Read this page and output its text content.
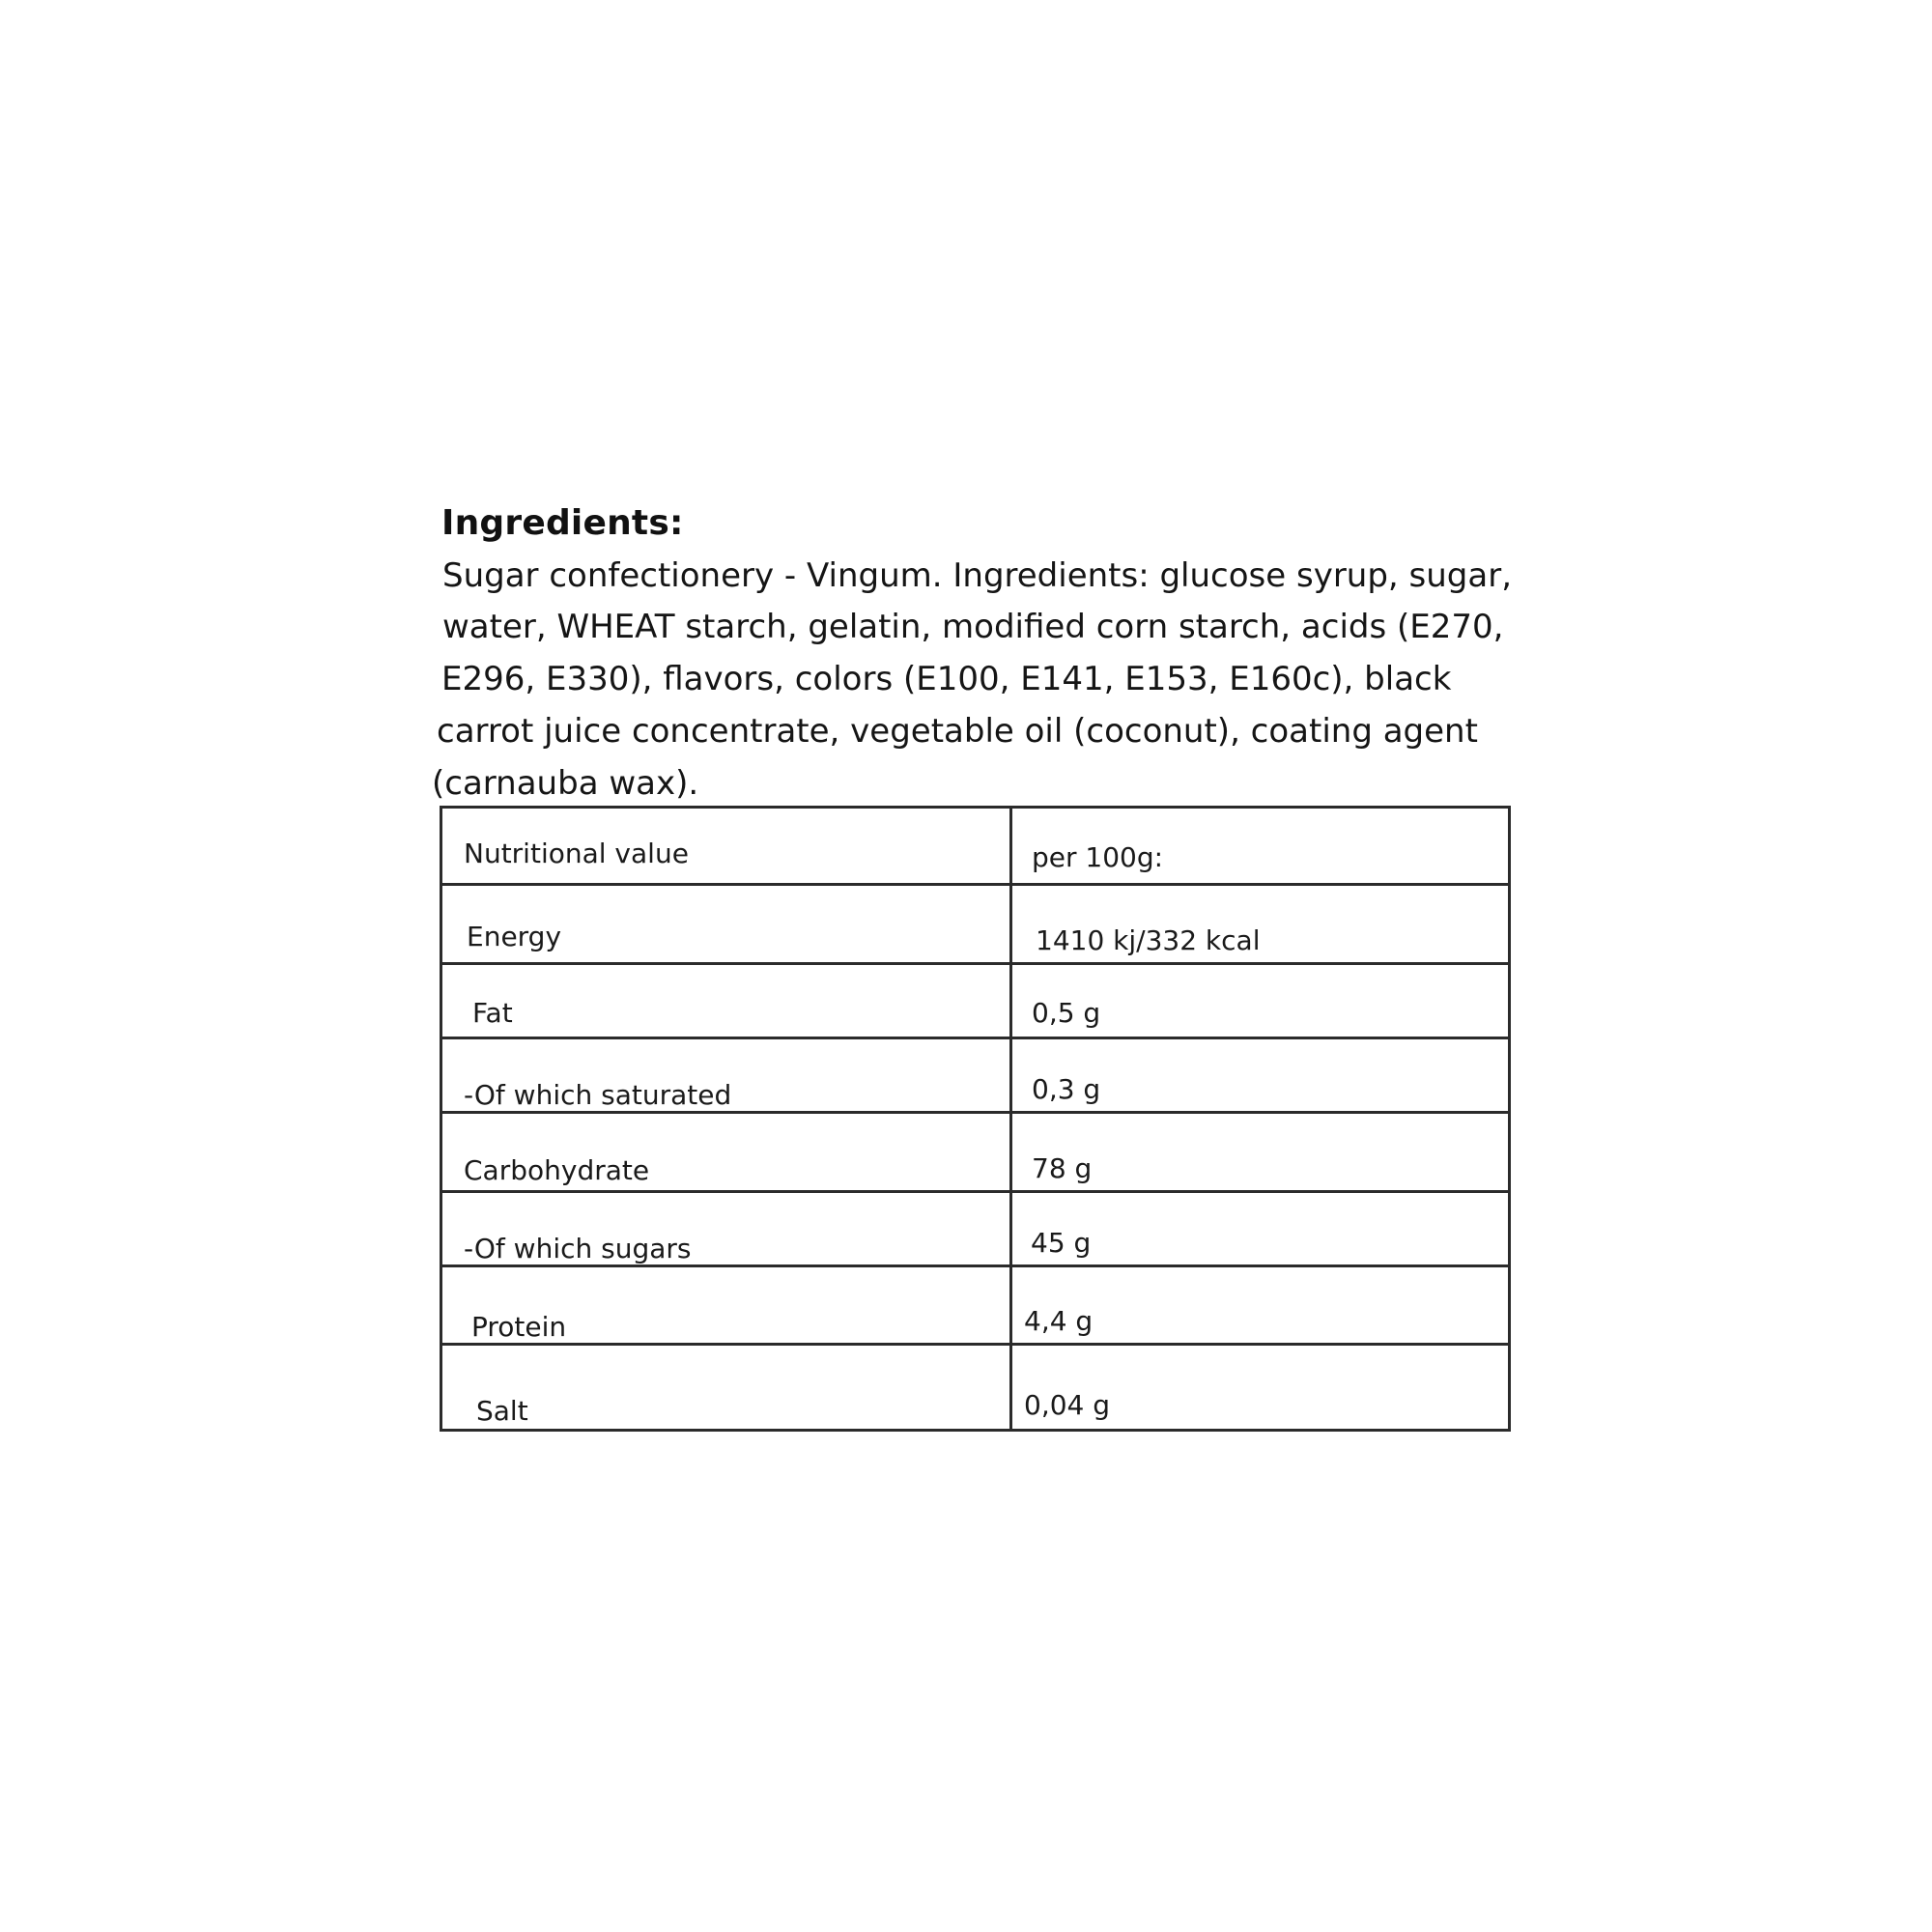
Ingredients:
Sugar confectionery - Vingum. Ingredients: glucose syrup, sugar,
water, WHEAT starch, gelatin, modified corn starch, acids (E270,
E296, E330), flavors, colors (E100, E141, E153, E160c), black
carrot juice concentrate, vegetable oil (coconut), coating agent
(carnauba wax).
Nutritional value	per 100g:
Energy	1410 kj/332 kcal
Fat	0,5 g
-Of which saturated	0,3 g
Carbohydrate	78 g
-Of which sugars	45 g
Protein	4,4 g
Salt	0,04 g
